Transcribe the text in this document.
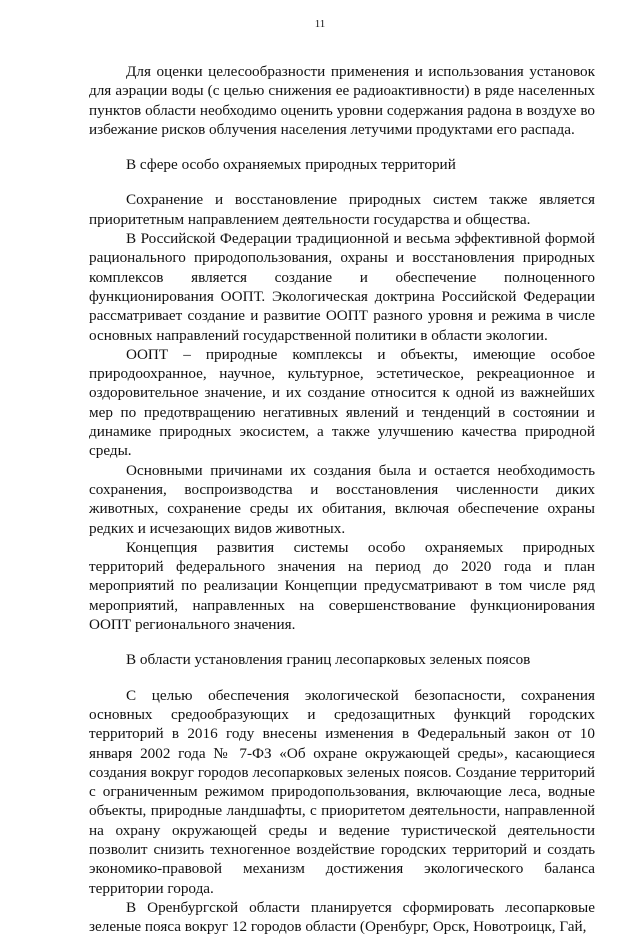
11

Для оценки целесообразности применения и использования установок для аэрации воды (с целью снижения ее радиоактивности) в ряде населенных пунктов области необходимо оценить уровни содержания радона в воздухе во избежание рисков облучения населения летучими продуктами его распада.

В сфере особо охраняемых природных территорий

Сохранение и восстановление природных систем также является приоритетным направлением деятельности государства и общества.

В Российской Федерации традиционной и весьма эффективной формой рационального природопользования, охраны и восстановления природных комплексов является создание и обеспечение полноценного функционирования ООПТ. Экологическая доктрина Российской Федерации рассматривает создание и развитие ООПТ разного уровня и режима в числе основных направлений государственной политики в области экологии.

ООПТ – природные комплексы и объекты, имеющие особое природоохранное, научное, культурное, эстетическое, рекреационное и оздоровительное значение, и их создание относится к одной из важнейших мер по предотвращению негативных явлений и тенденций в состоянии и динамике природных экосистем, а также улучшению качества природной среды.

Основными причинами их создания была и остается необходимость сохранения, воспроизводства и восстановления численности диких животных, сохранение среды их обитания, включая обеспечение охраны редких и исчезающих видов животных.

Концепция развития системы особо охраняемых природных территорий федерального значения на период до 2020 года и план мероприятий по реализации Концепции предусматривают в том числе ряд мероприятий, направленных на совершенствование функционирования ООПТ регионального значения.

В области установления границ лесопарковых зеленых поясов

С целью обеспечения экологической безопасности, сохранения основных средообразующих и средозащитных функций городских территорий в 2016 году внесены изменения в Федеральный закон от 10 января 2002 года № 7-ФЗ «Об охране окружающей среды», касающиеся создания вокруг городов лесопарковых зеленых поясов. Создание территорий с ограниченным режимом природопользования, включающие леса, водные объекты, природные ландшафты, с приоритетом деятельности, направленной на охрану окружающей среды и ведение туристической деятельности позволит снизить техногенное воздействие городских территорий и создать экономико-правовой механизм достижения экологического баланса территории города.

В Оренбургской области планируется сформировать лесопарковые зеленые пояса вокруг 12 городов области (Оренбург, Орск, Новотроицк, Гай,
